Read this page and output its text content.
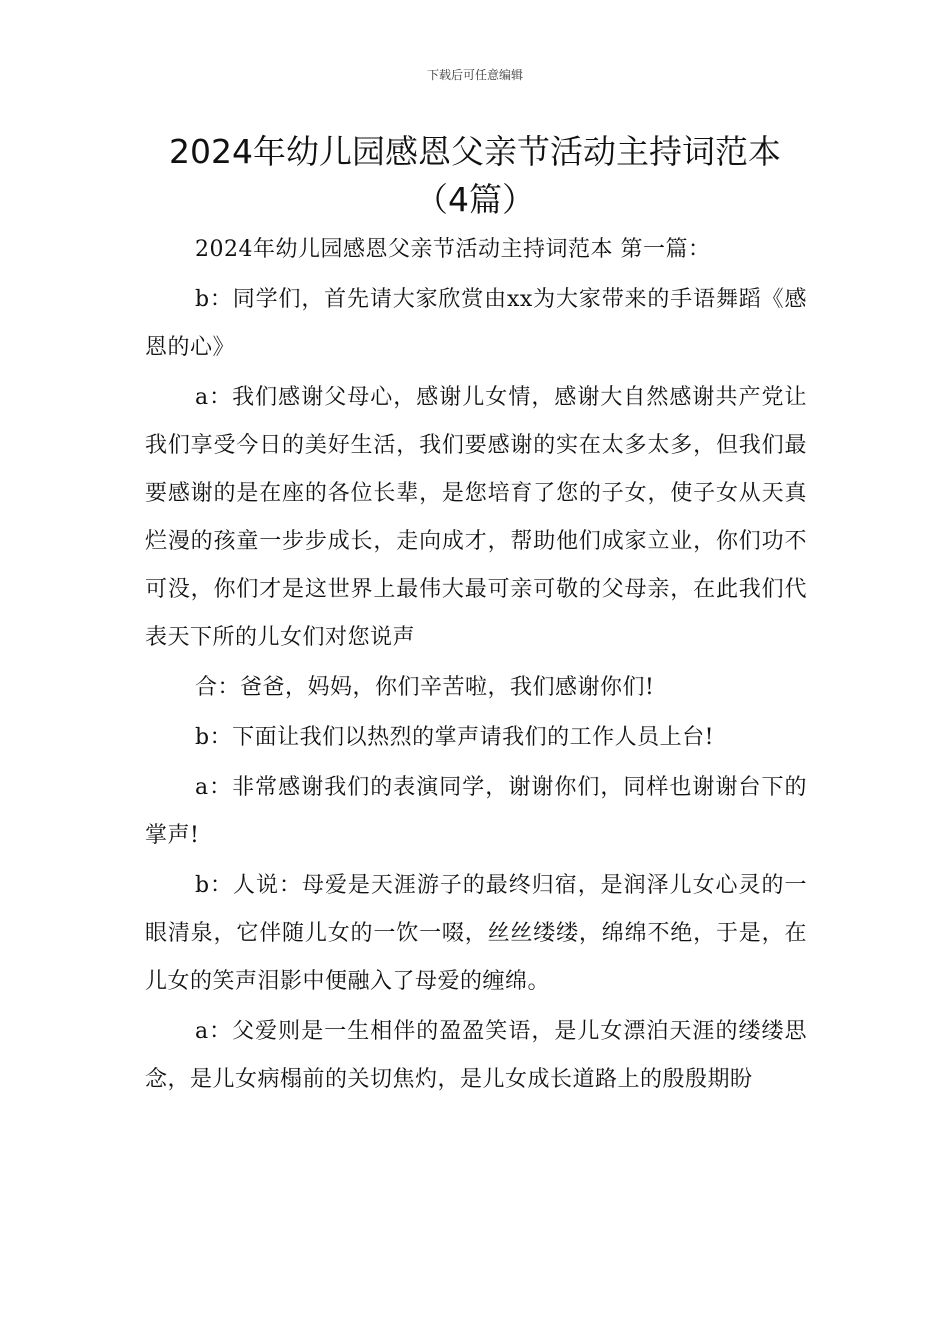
下载后可任意编辑
2024年幼儿园感恩父亲节活动主持词范本
（4篇）

2024年幼儿园感恩父亲节活动主持词范本 第一篇：

b：同学们，首先请大家欣赏由xx为大家带来的手语舞蹈《感恩的心》

a：我们感谢父母心，感谢儿女情，感谢大自然感谢共产党让我们享受今日的美好生活，我们要感谢的实在太多太多，但我们最要感谢的是在座的各位长辈，是您培育了您的子女，使子女从天真烂漫的孩童一步步成长，走向成才，帮助他们成家立业，你们功不可没，你们才是这世界上最伟大最可亲可敬的父母亲，在此我们代表天下所的儿女们对您说声

合：爸爸，妈妈，你们辛苦啦，我们感谢你们!

b：下面让我们以热烈的掌声请我们的工作人员上台!

a：非常感谢我们的表演同学，谢谢你们，同样也谢谢台下的掌声!

b：人说：母爱是天涯游子的最终归宿，是润泽儿女心灵的一眼清泉，它伴随儿女的一饮一啜，丝丝缕缕，绵绵不绝，于是，在儿女的笑声泪影中便融入了母爱的缠绵。

a：父爱则是一生相伴的盈盈笑语，是儿女漂泊天涯的缕缕思念，是儿女病榻前的关切焦灼，是儿女成长道路上的殷殷期盼
